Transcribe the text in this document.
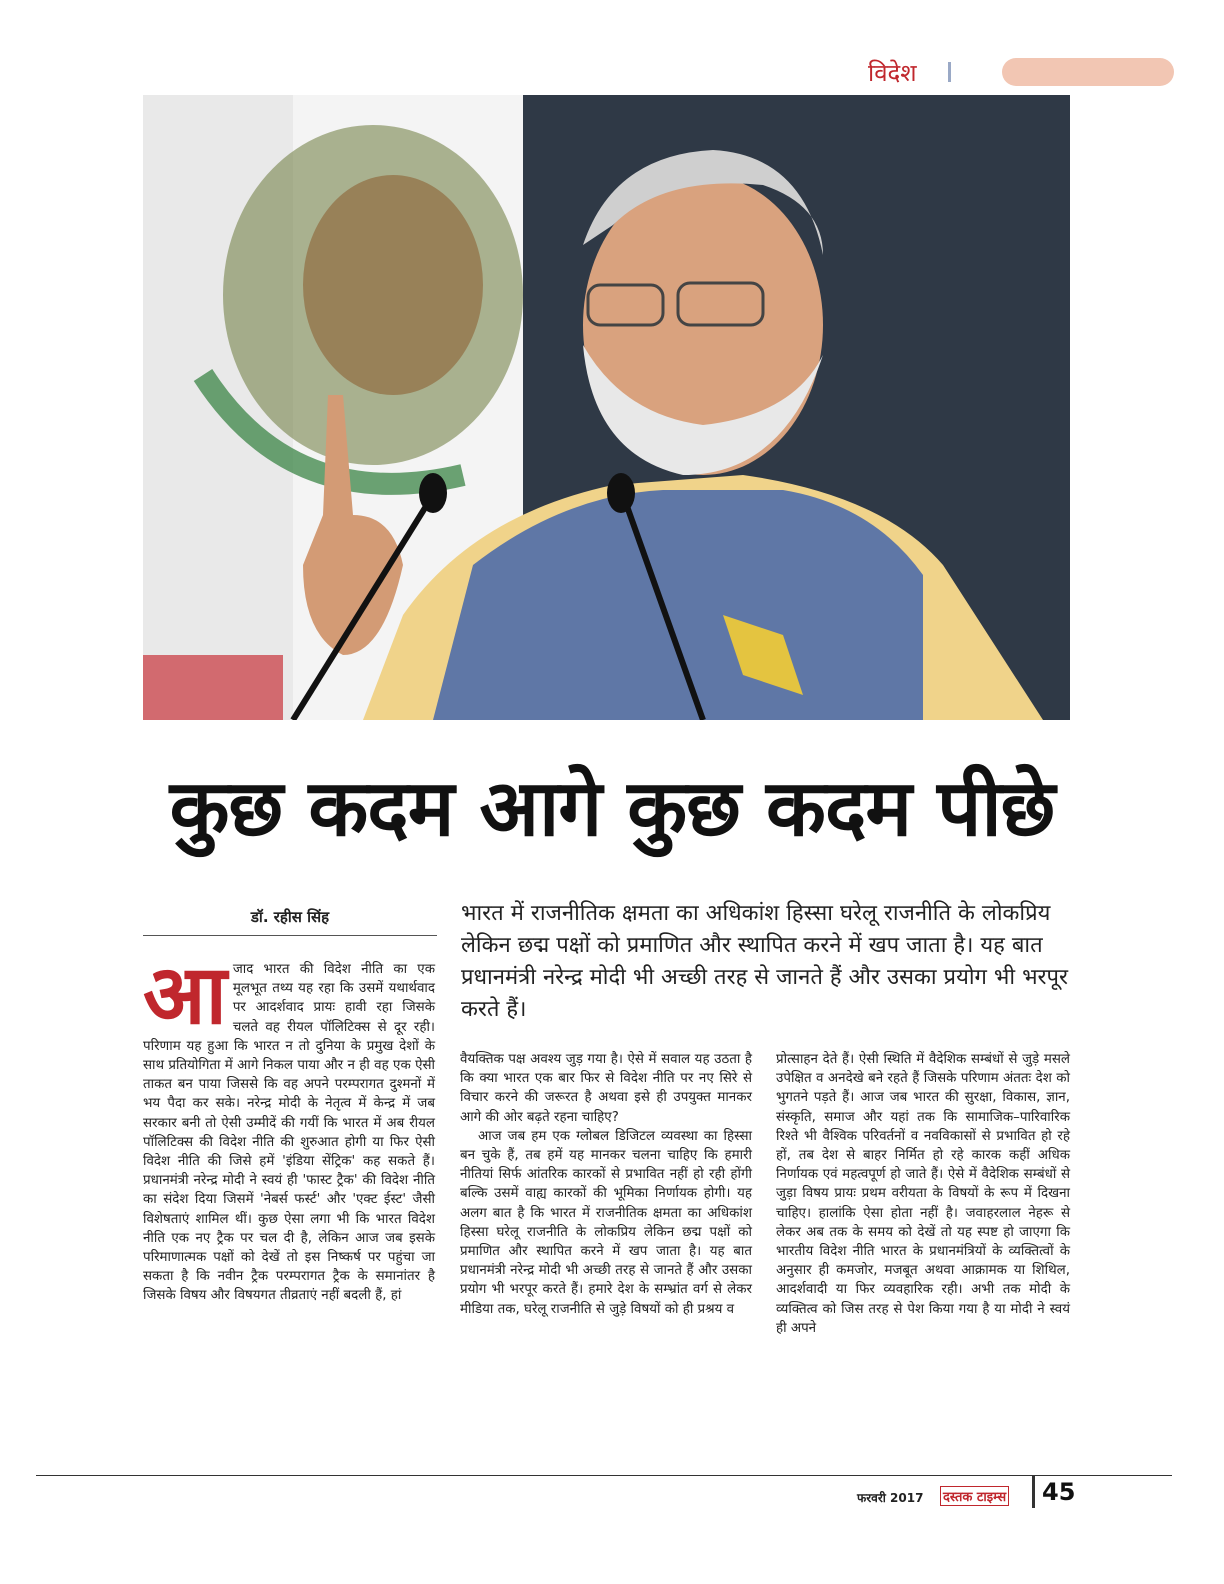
विदेश
कुछ कदम आगे कुछ कदम पीछे
डॉ. रहीस सिंह	भारत में राजनीतिक क्षमता का अधिकांश हिस्सा घरेलू राजनीति के लोकप्रिय लेकिन छद्म पक्षों को प्रमाणित और स्थापित करने में खप जाता है। यह बात प्रधानमंत्री नरेन्द्र मोदी भी अच्छी तरह से जानते हैं और उसका प्रयोग भी भरपूर करते हैं।
आ जाद भारत की विदेश नीति का एक मूलभूत तथ्य यह रहा कि उसमें यथार्थवाद पर आदर्शवाद प्रायः हावी रहा जिसके चलते वह रीयल पॉलिटिक्स से दूर रही। परिणाम यह हुआ कि भारत न तो दुनिया के प्रमुख देशों के साथ प्रतियोगिता में आगे निकल पाया और न ही वह एक ऐसी ताकत बन पाया जिससे कि वह अपने परम्परागत दुश्मनों में भय पैदा कर सके। नरेन्द्र मोदी के नेतृत्व में केन्द्र में जब सरकार बनी तो ऐसी उम्मीदें की गयीं कि भारत में अब रीयल पॉलिटिक्स की विदेश नीति की शुरुआत होगी या फिर ऐसी विदेश नीति की जिसे हमें 'इंडिया सेंट्रिक' कह सकते हैं। प्रधानमंत्री नरेन्द्र मोदी ने स्वयं ही 'फास्ट ट्रैक' की विदेश नीति का संदेश दिया जिसमें 'नेबर्स फर्स्ट' और 'एक्ट ईस्ट' जैसी विशेषताएं शामिल थीं। कुछ ऐसा लगा भी कि भारत विदेश नीति एक नए ट्रैक पर चल दी है, लेकिन आज जब इसके परिमाणात्मक पक्षों को देखें तो इस निष्कर्ष पर पहुंचा जा सकता है कि नवीन ट्रैक परम्परागत ट्रैक के समानांतर है जिसके विषय और विषयगत तीव्रताएं नहीं बदली हैं, हां

वैयक्तिक पक्ष अवश्य जुड़ गया है। ऐसे में सवाल यह उठता है कि क्या भारत एक बार फिर से विदेश नीति पर नए सिरे से विचार करने की जरूरत है अथवा इसे ही उपयुक्त मानकर आगे की ओर बढ़ते रहना चाहिए?

आज जब हम एक ग्लोबल डिजिटल व्यवस्था का हिस्सा बन चुके हैं, तब हमें यह मानकर चलना चाहिए कि हमारी नीतियां सिर्फ आंतरिक कारकों से प्रभावित नहीं हो रही होंगी बल्कि उसमें वाह्य कारकों की भूमिका निर्णायक होगी। यह अलग बात है कि भारत में राजनीतिक क्षमता का अधिकांश हिस्सा घरेलू राजनीति के लोकप्रिय लेकिन छद्म पक्षों को प्रमाणित और स्थापित करने में खप जाता है। यह बात प्रधानमंत्री नरेन्द्र मोदी भी अच्छी तरह से जानते हैं और उसका प्रयोग भी भरपूर करते हैं। हमारे देश के सम्भ्रांत वर्ग से लेकर मीडिया तक, घरेलू राजनीति से जुड़े विषयों को ही प्रश्रय व

प्रोत्साहन देते हैं। ऐसी स्थिति में वैदेशिक सम्बंधों से जुड़े मसले उपेक्षित व अनदेखे बने रहते हैं जिसके परिणाम अंततः देश को भुगतने पड़ते हैं। आज जब भारत की सुरक्षा, विकास, ज्ञान, संस्कृति, समाज और यहां तक कि सामाजिक–पारिवारिक रिश्ते भी वैश्विक परिवर्तनों व नवविकासों से प्रभावित हो रहे हों, तब देश से बाहर निर्मित हो रहे कारक कहीं अधिक निर्णायक एवं महत्वपूर्ण हो जाते हैं। ऐसे में वैदेशिक सम्बंधों से जुड़ा विषय प्रायः प्रथम वरीयता के विषयों के रूप में दिखना चाहिए। हालांकि ऐसा होता नहीं है। जवाहरलाल नेहरू से लेकर अब तक के समय को देखें तो यह स्पष्ट हो जाएगा कि भारतीय विदेश नीति भारत के प्रधानमंत्रियों के व्यक्तित्वों के अनुसार ही कमजोर, मजबूत अथवा आक्रामक या शिथिल, आदर्शवादी या फिर व्यवहारिक रही। अभी तक मोदी के व्यक्तित्व को जिस तरह से पेश किया गया है या मोदी ने स्वयं ही अपने

फरवरी 2017 दस्तक टाइम्स 45
